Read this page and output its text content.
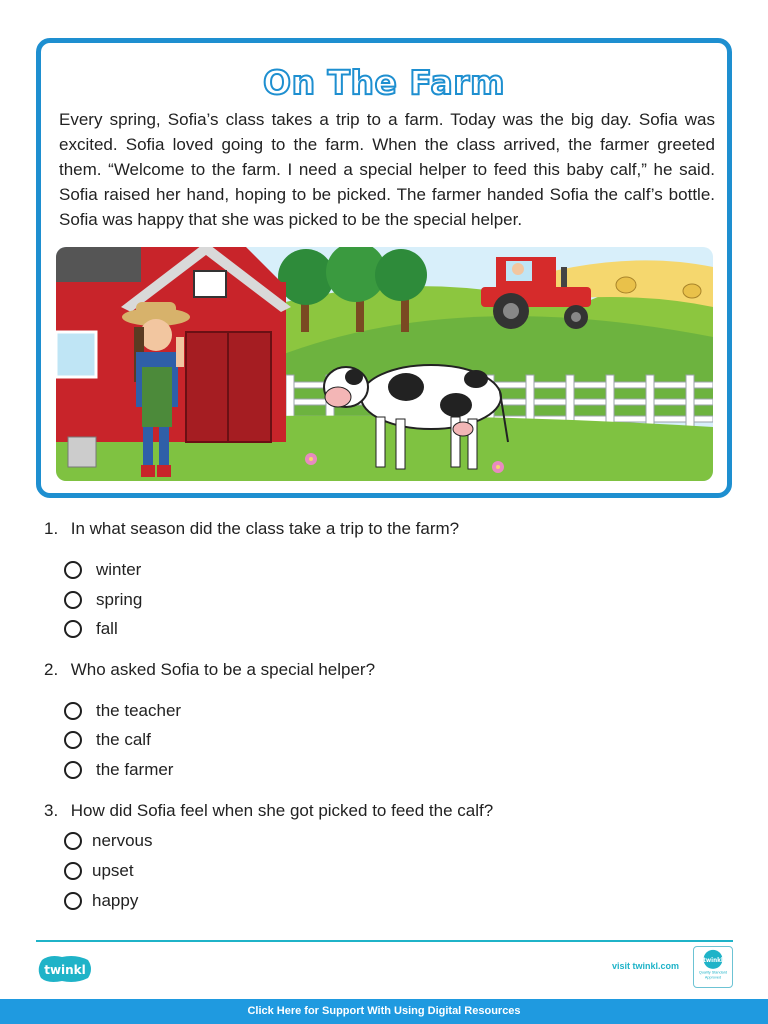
On The Farm
Every spring, Sofia’s class takes a trip to a farm. Today was the big day. Sofia was excited. Sofia loved going to the farm. When the class arrived, the farmer greeted them. “Welcome to the farm. I need a special helper to feed this baby calf,” he said. Sofia raised her hand, hoping to be picked. The farmer handed Sofia the calf’s bottle. Sofia was happy that she was picked to be the special helper.
1. In what season did the class take a trip to the farm?
winter
spring
fall
2. Who asked Sofia to be a special helper?
the teacher
the calf
the farmer
3. How did Sofia feel when she got picked to feed the calf?
nervous
upset
happy
twinkl	visit twinkl.com	twinkl
Quality Standard Approved
Click Here for Support With Using Digital Resources
